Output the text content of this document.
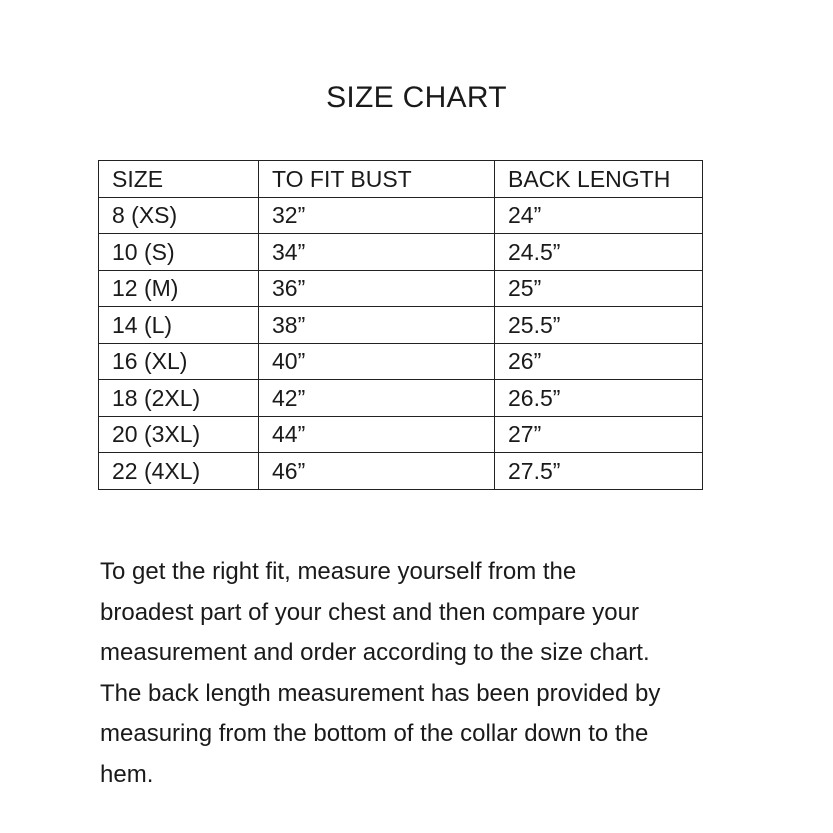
SIZE CHART
SIZE	TO FIT BUST	BACK LENGTH
8 (XS)	32”	24”
10 (S)	34”	24.5”
12 (M)	36”	25”
14 (L)	38”	25.5”
16 (XL)	40”	26”
18 (2XL)	42”	26.5”
20 (3XL)	44”	27”
22 (4XL)	46”	27.5”

To get the right fit, measure yourself from the
broadest part of your chest and then compare your
measurement and order according to the size chart.
The back length measurement has been provided by
measuring from the bottom of the collar down to the
hem.
